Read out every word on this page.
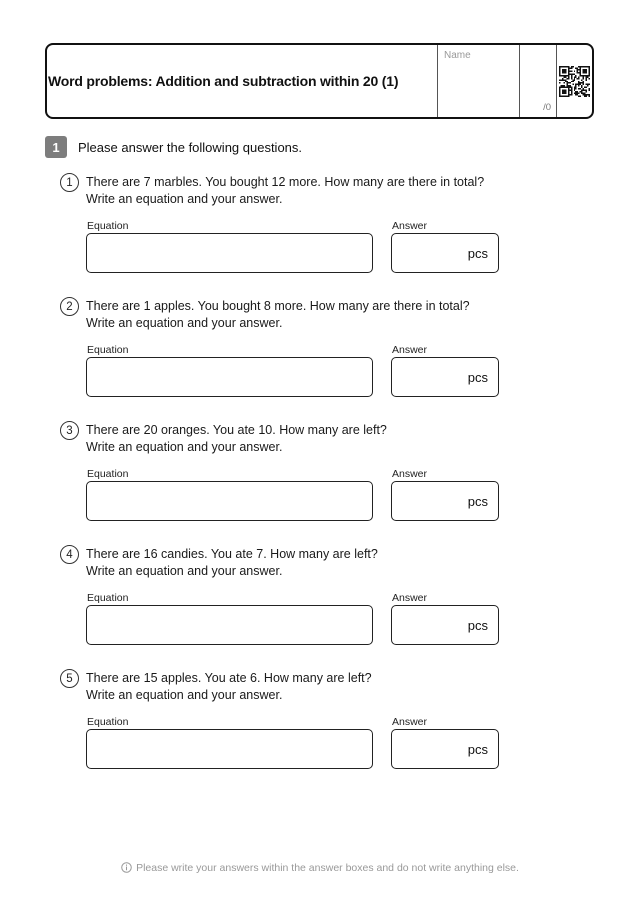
Word problems: Addition and subtraction within 20 (1)
Name
/0
1	Please answer the following questions.
1	There are 7 marbles. You bought 12 more. How many are there in total?
Write an equation and your answer.
Equation	Answer
pcs
2	There are 1 apples. You bought 8 more. How many are there in total?
Write an equation and your answer.
Equation	Answer
pcs
3	There are 20 oranges. You ate 10. How many are left?
Write an equation and your answer.
Equation	Answer
pcs
4	There are 16 candies. You ate 7. How many are left?
Write an equation and your answer.
Equation	Answer
pcs
5	There are 15 apples. You ate 6. How many are left?
Write an equation and your answer.
Equation	Answer
pcs
Please write your answers within the answer boxes and do not write anything else.
